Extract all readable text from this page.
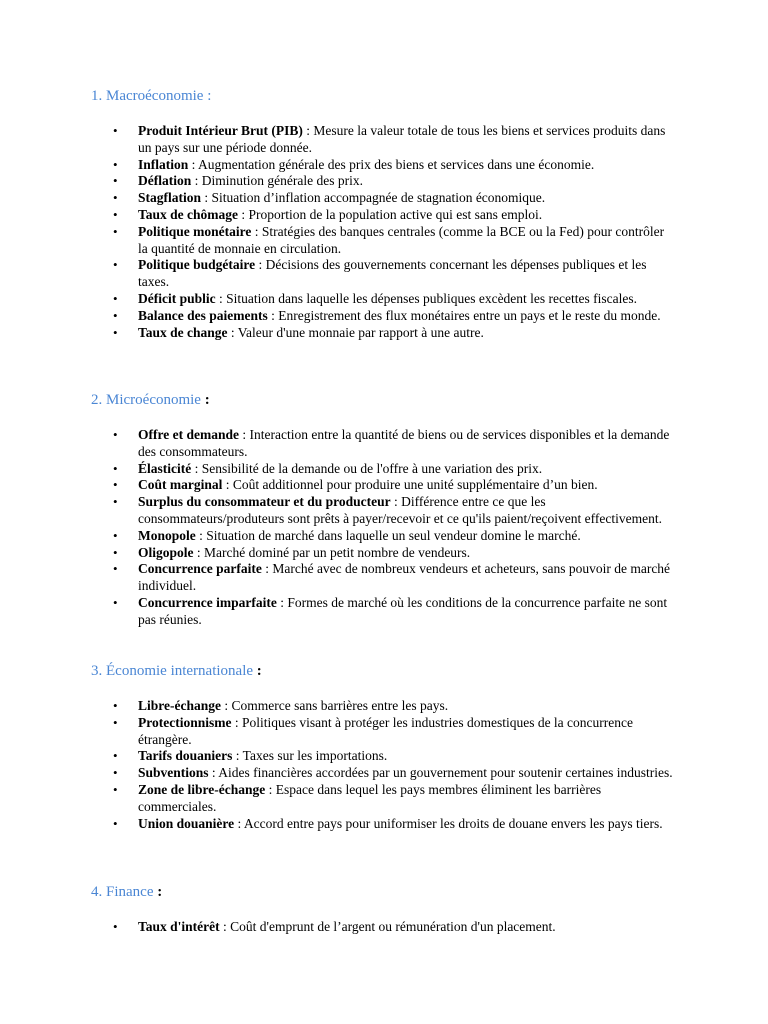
1. Macroéconomie :
• Produit Intérieur Brut (PIB) : Mesure la valeur totale de tous les biens et services produits dans un pays sur une période donnée.
• Inflation : Augmentation générale des prix des biens et services dans une économie.
• Déflation : Diminution générale des prix.
• Stagflation : Situation d’inflation accompagnée de stagnation économique.
• Taux de chômage : Proportion de la population active qui est sans emploi.
• Politique monétaire : Stratégies des banques centrales (comme la BCE ou la Fed) pour contrôler la quantité de monnaie en circulation.
• Politique budgétaire : Décisions des gouvernements concernant les dépenses publiques et les taxes.
• Déficit public : Situation dans laquelle les dépenses publiques excèdent les recettes fiscales.
• Balance des paiements : Enregistrement des flux monétaires entre un pays et le reste du monde.
• Taux de change : Valeur d'une monnaie par rapport à une autre.
2. Microéconomie :
• Offre et demande : Interaction entre la quantité de biens ou de services disponibles et la demande des consommateurs.
• Élasticité : Sensibilité de la demande ou de l'offre à une variation des prix.
• Coût marginal : Coût additionnel pour produire une unité supplémentaire d’un bien.
• Surplus du consommateur et du producteur : Différence entre ce que les consommateurs/produteurs sont prêts à payer/recevoir et ce qu'ils paient/reçoivent effectivement.
• Monopole : Situation de marché dans laquelle un seul vendeur domine le marché.
• Oligopole : Marché dominé par un petit nombre de vendeurs.
• Concurrence parfaite : Marché avec de nombreux vendeurs et acheteurs, sans pouvoir de marché individuel.
• Concurrence imparfaite : Formes de marché où les conditions de la concurrence parfaite ne sont pas réunies.
3. Économie internationale :
• Libre-échange : Commerce sans barrières entre les pays.
• Protectionnisme : Politiques visant à protéger les industries domestiques de la concurrence étrangère.
• Tarifs douaniers : Taxes sur les importations.
• Subventions : Aides financières accordées par un gouvernement pour soutenir certaines industries.
• Zone de libre-échange : Espace dans lequel les pays membres éliminent les barrières commerciales.
• Union douanière : Accord entre pays pour uniformiser les droits de douane envers les pays tiers.
4. Finance :
• Taux d'intérêt : Coût d'emprunt de l’argent ou rémunération d'un placement.
